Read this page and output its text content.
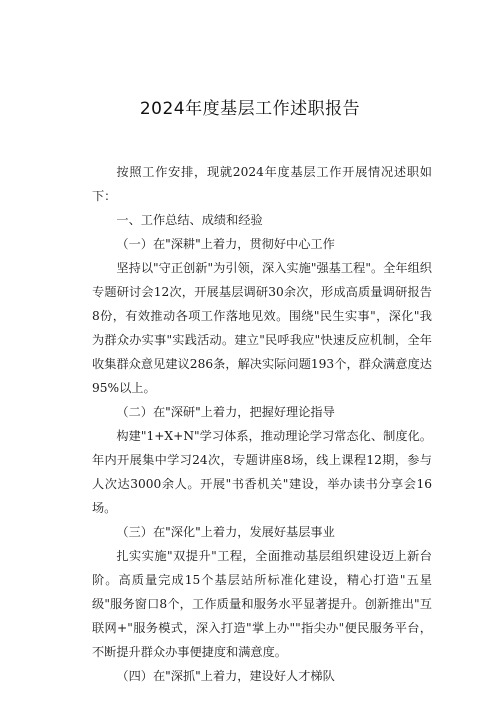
2024年度基层工作述职报告

按照工作安排，现就2024年度基层工作开展情况述职如下：

一、工作总结、成绩和经验

（一）在"深耕"上着力，贯彻好中心工作

坚持以"守正创新"为引领，深入实施"强基工程"。全年组织专题研讨会12次，开展基层调研30余次，形成高质量调研报告8份，有效推动各项工作落地见效。围绕"民生实事"，深化"我为群众办实事"实践活动。建立"民呼我应"快速反应机制，全年收集群众意见建议286条，解决实际问题193个，群众满意度达95%以上。

（二）在"深研"上着力，把握好理论指导

构建"1+X+N"学习体系，推动理论学习常态化、制度化。年内开展集中学习24次，专题讲座8场，线上课程12期，参与人次达3000余人。开展"书香机关"建设，举办读书分享会16场。

（三）在"深化"上着力，发展好基层事业

扎实实施"双提升"工程，全面推动基层组织建设迈上新台阶。高质量完成15个基层站所标准化建设，精心打造"五星级"服务窗口8个，工作质量和服务水平显著提升。创新推出"互联网+"服务模式，深入打造"掌上办""指尖办"便民服务平台，不断提升群众办事便捷度和满意度。

（四）在"深抓"上着力，建设好人才梯队
